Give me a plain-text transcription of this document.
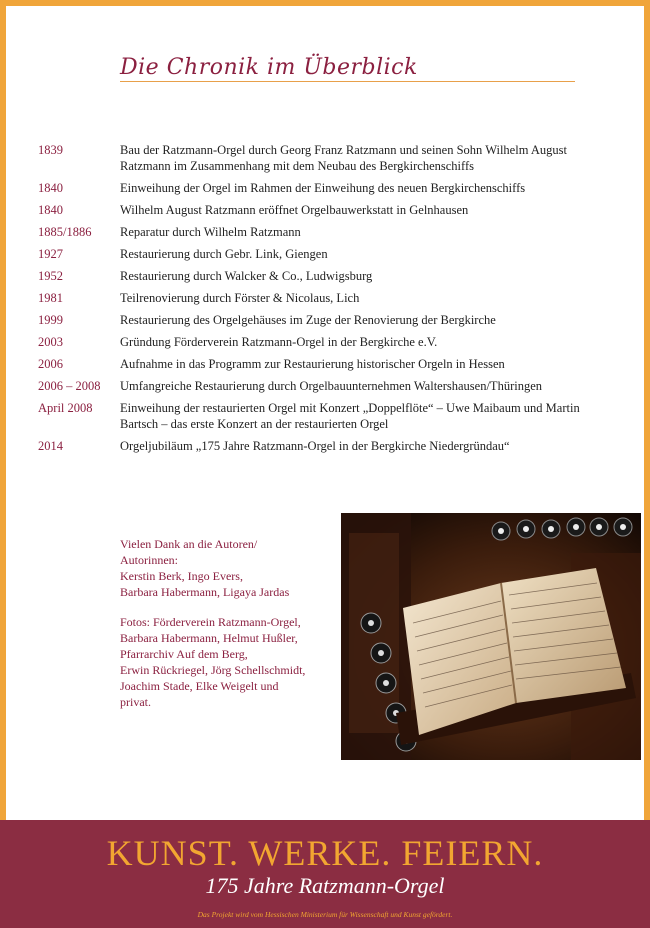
Die Chronik im Überblick
1839	Bau der Ratzmann-Orgel durch Georg Franz Ratzmann und seinen Sohn Wilhelm August Ratzmann im Zusammenhang mit dem Neubau des Bergkirchenschiffs
1840	Einweihung der Orgel im Rahmen der Einweihung des neuen Bergkirchenschiffs
1840	Wilhelm August Ratzmann eröffnet Orgelbauwerkstatt in Gelnhausen
1885/1886	Reparatur durch Wilhelm Ratzmann
1927	Restaurierung durch Gebr. Link, Giengen
1952	Restaurierung durch Walcker & Co., Ludwigsburg
1981	Teilrenovierung durch Förster & Nicolaus, Lich
1999	Restaurierung des Orgelgehäuses im Zuge der Renovierung der Bergkirche
2003	Gründung Förderverein Ratzmann-Orgel in der Bergkirche e.V.
2006	Aufnahme in das Programm zur Restaurierung historischer Orgeln in Hessen
2006 – 2008	Umfangreiche Restaurierung durch Orgelbauunternehmen Waltershausen/Thüringen
April 2008	Einweihung der restaurierten Orgel mit Konzert „Doppelflöte“ – Uwe Maibaum und Martin Bartsch – das erste Konzert an der restaurierten Orgel
2014	Orgeljubiläum „175 Jahre Ratzmann-Orgel in der Bergkirche Niedergründau“

Vielen Dank an die Autoren/
Autorinnen:
Kerstin Berk, Ingo Evers,
Barbara Habermann, Ligaya Jardas

Fotos: Förderverein Ratzmann-Orgel,
Barbara Habermann, Helmut Hußler,
Pfarrarchiv Auf dem Berg,
Erwin Rückriegel, Jörg Schellschmidt,
Joachim Stade, Elke Weigelt und
privat.

KUNST. WERKE. FEIERN.
175 Jahre Ratzmann-Orgel
Das Projekt wird vom Hessischen Ministerium für Wissenschaft und Kunst gefördert.
